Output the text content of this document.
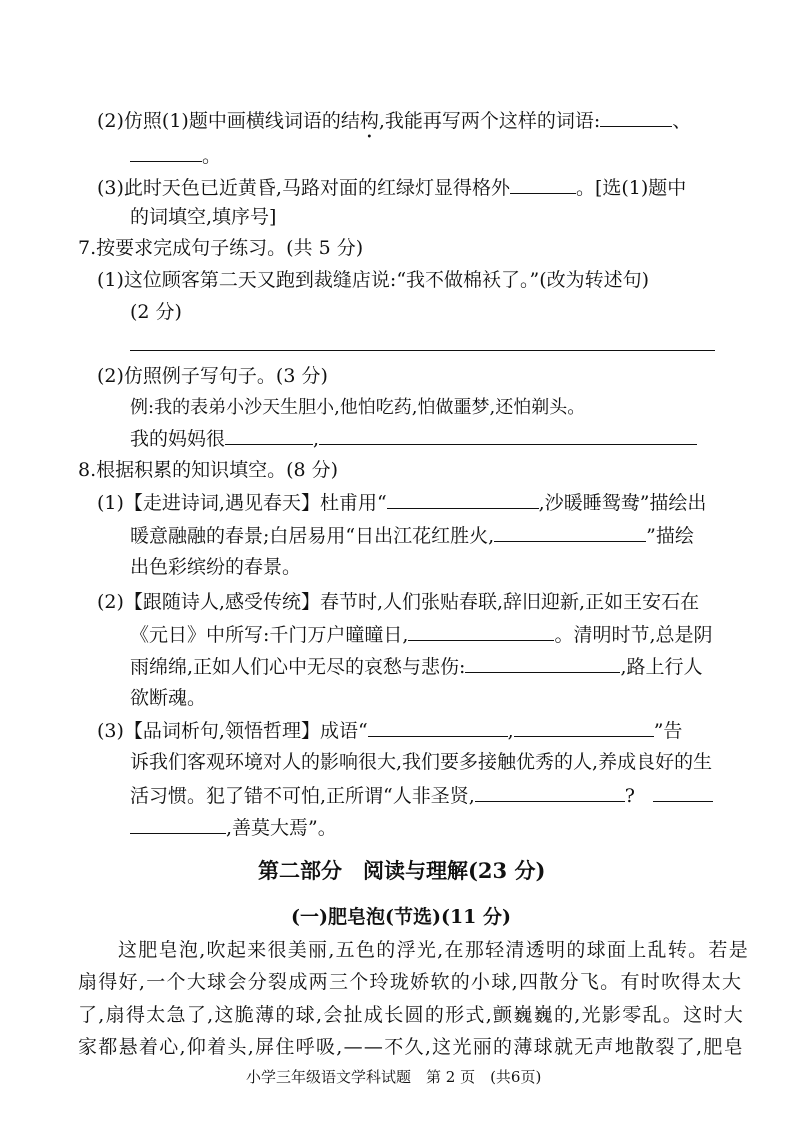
(2)仿照(1)题中画横线词语的结构,我能再写两个这样的词语:	、
。
(3)此时天色已近黄昏,马路对面的红绿灯显得格外	。[选(1)题中
的词填空,填序号]
7.按要求完成句子练习。(共 5 分)
(1)这位顾客第二天又跑到裁缝店说:“我不做棉袄了。”(改为转述句)
(2 分)
(2)仿照例子写句子。(3 分)
例:我的表弟小沙天生胆小,他怕吃药,怕做噩梦,还怕剃头。
我的妈妈很	,
8.根据积累的知识填空。(8 分)
(1)【走进诗词,遇见春天】杜甫用“	,沙暖睡鸳鸯”描绘出
暖意融融的春景;白居易用“日出江花红胜火,	”描绘
出色彩缤纷的春景。
(2)【跟随诗人,感受传统】春节时,人们张贴春联,辞旧迎新,正如王安石在
《元日》中所写:千门万户曈曈日,	。清明时节,总是阴
雨绵绵,正如人们心中无尽的哀愁与悲伤:	,路上行人
欲断魂。
(3)【品词析句,领悟哲理】成语“	,	”告
诉我们客观环境对人的影响很大,我们要多接触优秀的人,养成良好的生
活习惯。犯了错不可怕,正所谓“人非圣贤,	?
,善莫大焉”。
第二部分　阅读与理解(23 分)
(一)肥皂泡(节选)(11 分)
这肥皂泡,吹起来很美丽,五色的浮光,在那轻清透明的球面上乱转。若是
扇得好,一个大球会分裂成两三个玲珑娇软的小球,四散分飞。有时吹得太大
了,扇得太急了,这脆薄的球,会扯成长圆的形式,颤巍巍的,光影零乱。这时大
家都悬着心,仰着头,屏住呼吸,——不久,这光丽的薄球就无声地散裂了,肥皂
小学三年级语文学科试题　第 2 页　(共6页)
